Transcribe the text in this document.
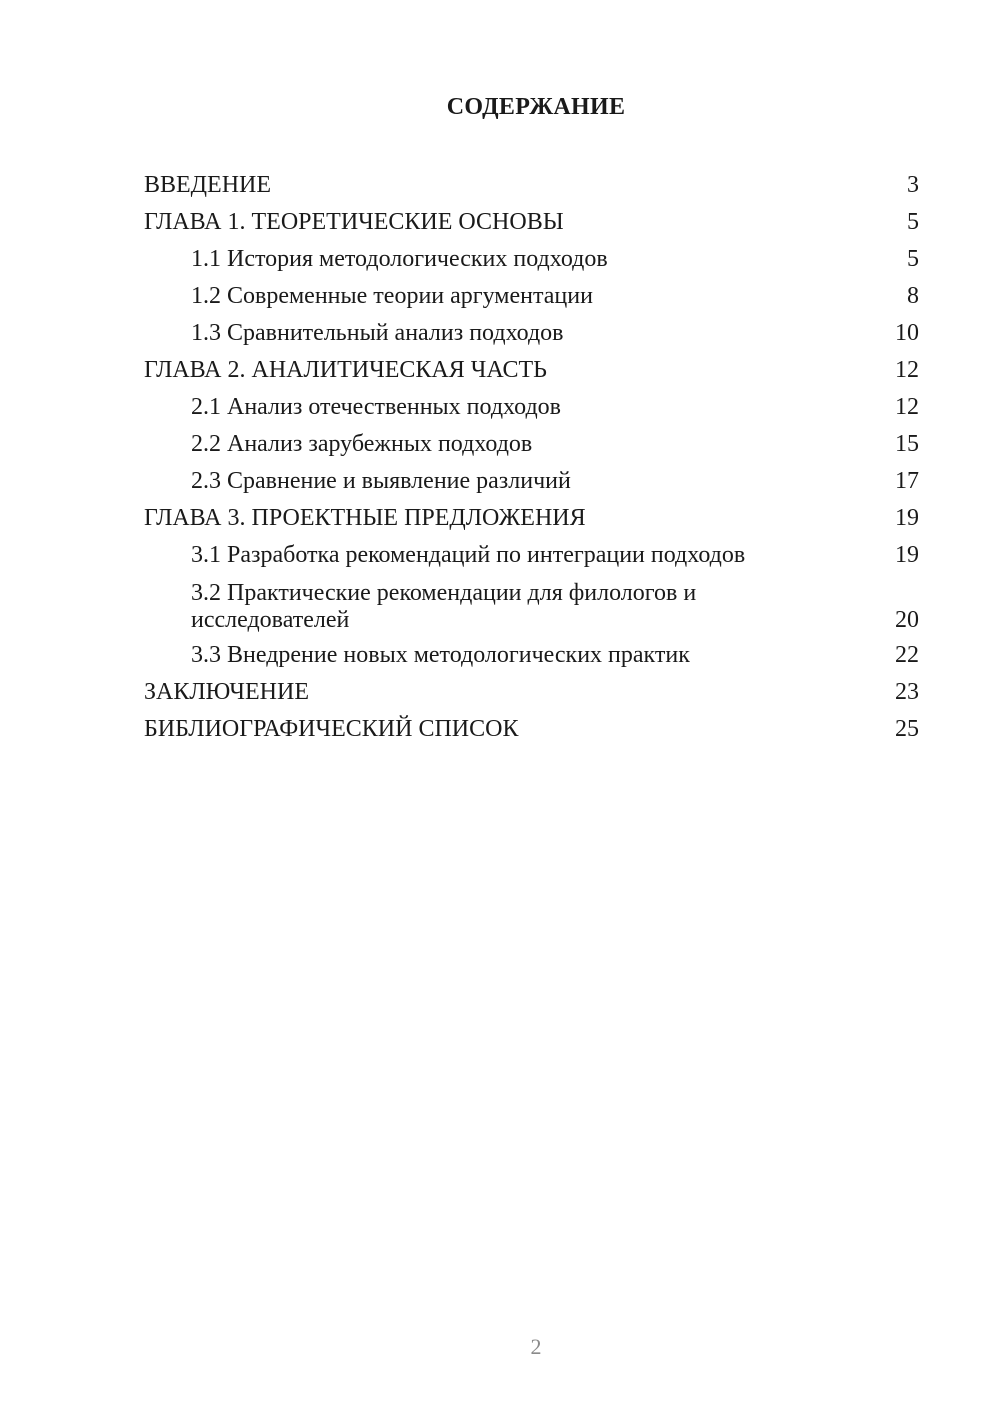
СОДЕРЖАНИЕ
ВВЕДЕНИЕ	3
ГЛАВА 1. ТЕОРЕТИЧЕСКИЕ ОСНОВЫ	5
1.1 История методологических подходов	5
1.2 Современные теории аргументации	8
1.3 Сравнительный анализ подходов	10
ГЛАВА 2. АНАЛИТИЧЕСКАЯ ЧАСТЬ	12
2.1 Анализ отечественных подходов	12
2.2 Анализ зарубежных подходов	15
2.3 Сравнение и выявление различий	17
ГЛАВА 3. ПРОЕКТНЫЕ ПРЕДЛОЖЕНИЯ	19
3.1 Разработка рекомендаций по интеграции подходов	19
3.2 Практические рекомендации для филологов и исследователей	20
3.3 Внедрение новых методологических практик	22
ЗАКЛЮЧЕНИЕ	23
БИБЛИОГРАФИЧЕСКИЙ СПИСОК	25
2
